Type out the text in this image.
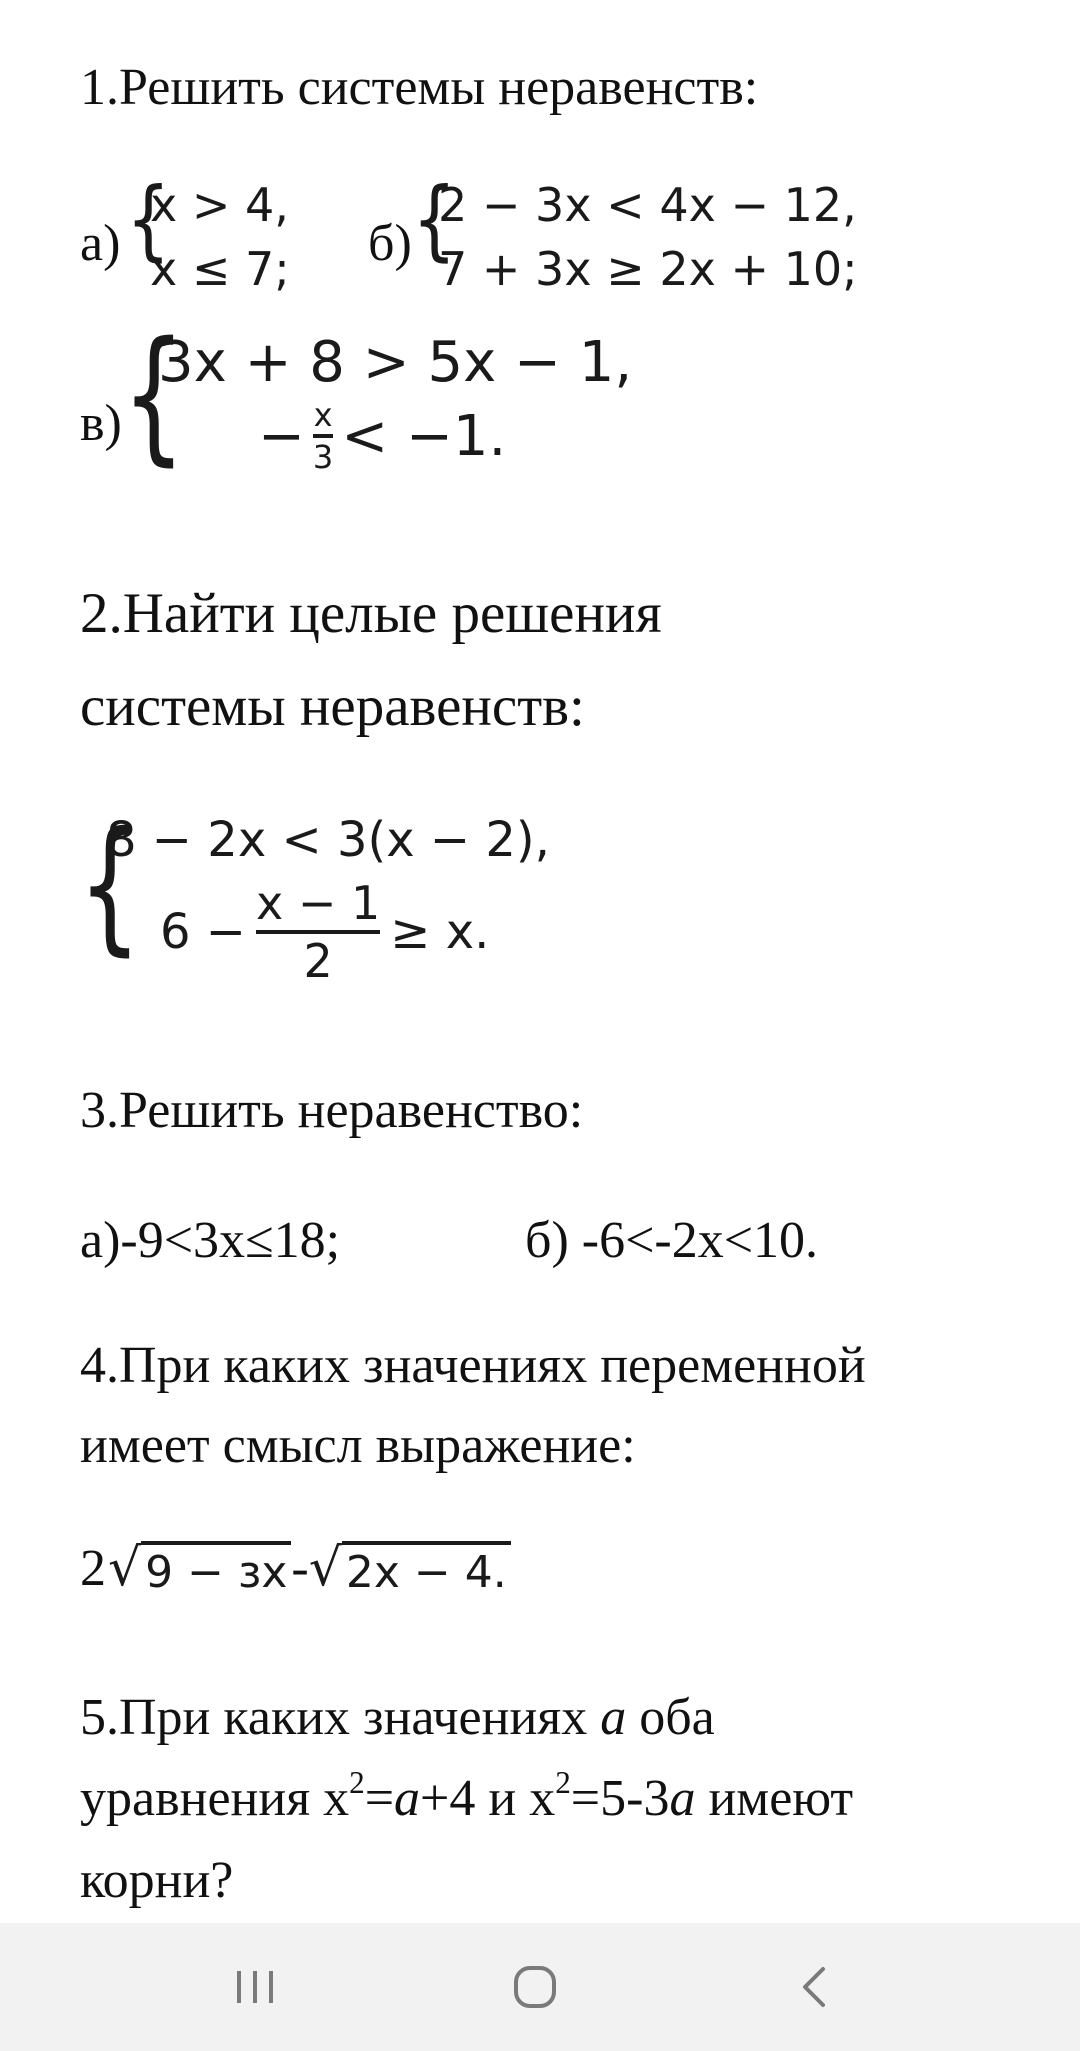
1.Решить системы неравенств:
а) {
x > 4,
x ≤ 7; б) {
2 − 3x < 4x − 12,
7 + 3x ≥ 2x + 10;
в) {
3x + 8 > 5x − 1,
− $\frac{x}{3} < -1$.
2.Найти целые решения
системы неравенств:
{
8 − 2x < 3(x − 2),
$6 - \frac{x - 1}{2} \ge x$.
3.Решить неравенство:
а)-9<3x≤18;	б) -6<-2x<10.
4.При каких значениях переменной
имеет смысл выражение:
2 √ 9 − зx - √ 2x − 4.
5.При каких значениях а оба
уравнения $x^2=а+4$ и $x^2=5-3а$ имеют
корни?
